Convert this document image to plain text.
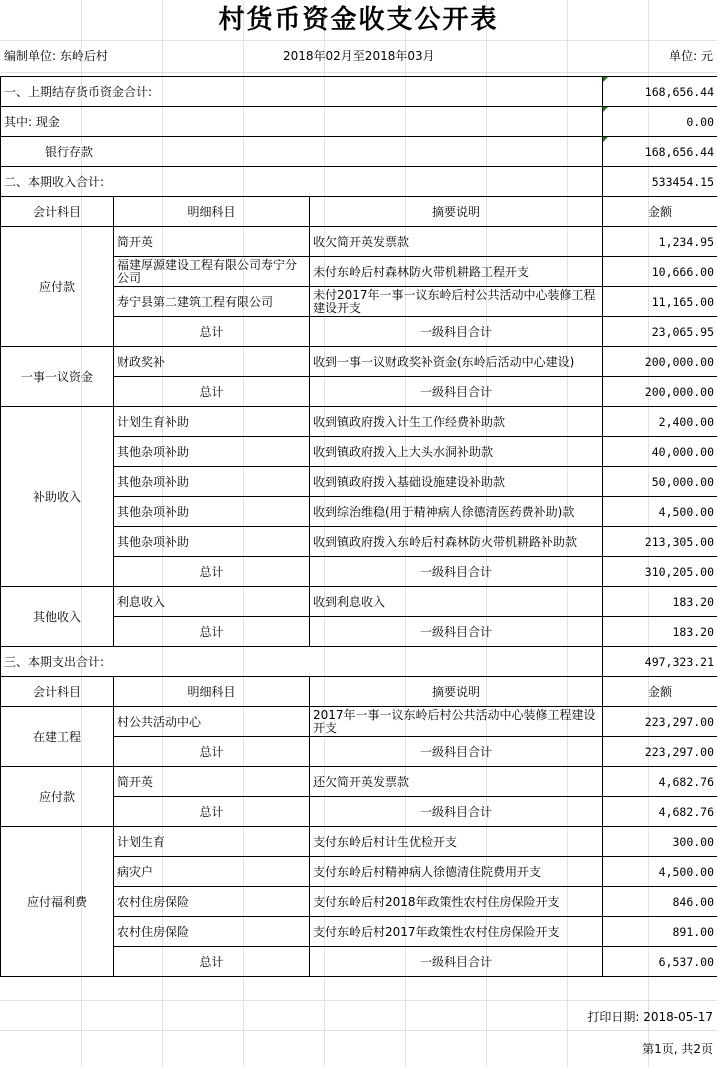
村货币资金收支公开表
编制单位: 东岭后村	2018年02月至2018年03月	单位: 元
一、上期结存货币资金合计:			168,656.44
其中: 现金			0.00
银行存款			168,656.44
二、本期收入合计:			533454.15
会计科目	明细科目	摘要说明	金额
应付款	简开英	收欠简开英发票款	1,234.95
	福建厚源建设工程有限公司寿宁分公司	未付东岭后村森林防火带机耕路工程开支	10,666.00
	寿宁县第二建筑工程有限公司	未付2017年一事一议东岭后村公共活动中心装修工程建设开支	11,165.00
	总计	一级科目合计	23,065.95
一事一议资金	财政奖补	收到一事一议财政奖补资金(东岭后活动中心建设)	200,000.00
	总计	一级科目合计	200,000.00
补助收入	计划生育补助	收到镇政府拨入计生工作经费补助款	2,400.00
	其他杂项补助	收到镇政府拨入上大头水洞补助款	40,000.00
	其他杂项补助	收到镇政府拨入基础设施建设补助款	50,000.00
	其他杂项补助	收到综治维稳(用于精神病人徐德清医药费补助)款	4,500.00
	其他杂项补助	收到镇政府拨入东岭后村森林防火带机耕路补助款	213,305.00
	总计	一级科目合计	310,205.00
其他收入	利息收入	收到利息收入	183.20
	总计	一级科目合计	183.20
三、本期支出合计:			497,323.21
会计科目	明细科目	摘要说明	金额
在建工程	村公共活动中心	2017年一事一议东岭后村公共活动中心装修工程建设开支	223,297.00
	总计	一级科目合计	223,297.00
应付款	简开英	还欠简开英发票款	4,682.76
	总计	一级科目合计	4,682.76
应付福利费	计划生育	支付东岭后村计生优检开支	300.00
	病灾户	支付东岭后村精神病人徐德清住院费用开支	4,500.00
	农村住房保险	支付东岭后村2018年政策性农村住房保险开支	846.00
	农村住房保险	支付东岭后村2017年政策性农村住房保险开支	891.00
	总计	一级科目合计	6,537.00
打印日期: 2018-05-17
第1页, 共2页
